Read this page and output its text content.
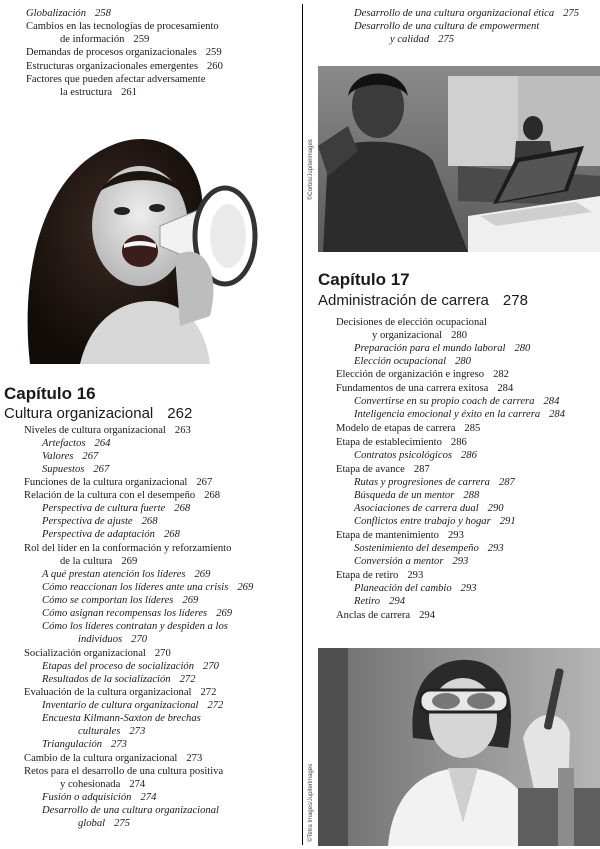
Globalización 258
Cambios en las tecnologías de procesamiento
de información 259
Demandas de procesos organizacionales 259
Estructuras organizacionales emergentes 260
Factores que pueden afectar adversamente
la estructura 261
Capítulo 16
Cultura organizacional 262
Niveles de cultura organizacional 263
Artefactos 264
Valores 267
Supuestos 267
Funciones de la cultura organizacional 267
Relación de la cultura con el desempeño 268
Perspectiva de cultura fuerte 268
Perspectiva de ajuste 268
Perspectiva de adaptación 268
Rol del líder en la conformación y reforzamiento
de la cultura 269
A qué prestan atención los líderes 269
Cómo reaccionan los líderes ante una crisis 269
Cómo se comportan los líderes 269
Cómo asignan recompensas los líderes 269
Cómo los líderes contratan y despiden a los
individuos 270
Socialización organizacional 270
Etapas del proceso de socialización 270
Resultados de la socialización 272
Evaluación de la cultura organizacional 272
Inventario de cultura organizacional 272
Encuesta Kilmann-Saxton de brechas
culturales 273
Triangulación 273
Cambio de la cultura organizacional 273
Retos para el desarrollo de una cultura positiva
y cohesionada 274
Fusión o adquisición 274
Desarrollo de una cultura organizacional
global 275
Desarrollo de una cultura organizacional ética 275
Desarrollo de una cultura de empowerment
y calidad 275
©Corbis/Jupiterimages
Capítulo 17
Administración de carrera 278
Decisiones de elección ocupacional
y organizacional 280
Preparación para el mundo laboral 280
Elección ocupacional 280
Elección de organización e ingreso 282
Fundamentos de una carrera exitosa 284
Convertirse en su propio coach de carrera 284
Inteligencia emocional y éxito en la carrera 284
Modelo de etapas de carrera 285
Etapa de establecimiento 286
Contratos psicológicos 286
Etapa de avance 287
Rutas y progresiones de carrera 287
Búsqueda de un mentor 288
Asociaciones de carrera dual 290
Conflictos entre trabajo y hogar 291
Etapa de mantenimiento 293
Sostenimiento del desempeño 293
Conversión a mentor 293
Etapa de retiro 293
Planeación del cambio 293
Retiro 294
Anclas de carrera 294
©Tetra Images/Jupiterimages
